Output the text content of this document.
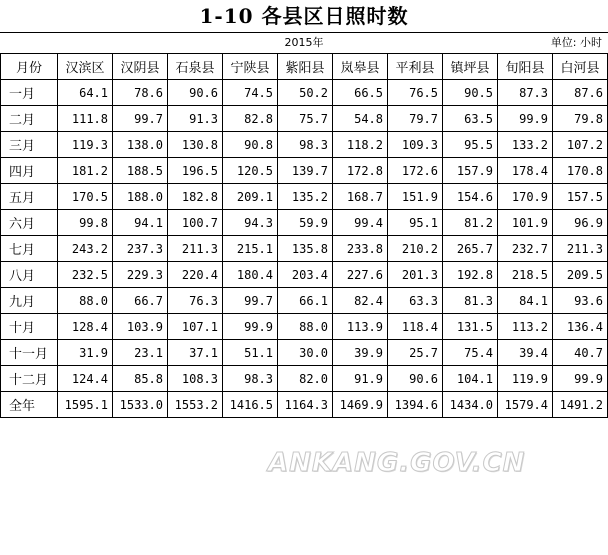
1-10 各县区日照时数
2015年	单位: 小时
月份	汉滨区	汉阴县	石泉县	宁陕县	紫阳县	岚皋县	平利县	镇坪县	旬阳县	白河县
一月	64.1	78.6	90.6	74.5	50.2	66.5	76.5	90.5	87.3	87.6
二月	111.8	99.7	91.3	82.8	75.7	54.8	79.7	63.5	99.9	79.8
三月	119.3	138.0	130.8	90.8	98.3	118.2	109.3	95.5	133.2	107.2
四月	181.2	188.5	196.5	120.5	139.7	172.8	172.6	157.9	178.4	170.8
五月	170.5	188.0	182.8	209.1	135.2	168.7	151.9	154.6	170.9	157.5
六月	99.8	94.1	100.7	94.3	59.9	99.4	95.1	81.2	101.9	96.9
七月	243.2	237.3	211.3	215.1	135.8	233.8	210.2	265.7	232.7	211.3
八月	232.5	229.3	220.4	180.4	203.4	227.6	201.3	192.8	218.5	209.5
九月	88.0	66.7	76.3	99.7	66.1	82.4	63.3	81.3	84.1	93.6
十月	128.4	103.9	107.1	99.9	88.0	113.9	118.4	131.5	113.2	136.4
十一月	31.9	23.1	37.1	51.1	30.0	39.9	25.7	75.4	39.4	40.7
十二月	124.4	85.8	108.3	98.3	82.0	91.9	90.6	104.1	119.9	99.9
全年	1595.1	1533.0	1553.2	1416.5	1164.3	1469.9	1394.6	1434.0	1579.4	1491.2
ANKANG.GOV.CN
